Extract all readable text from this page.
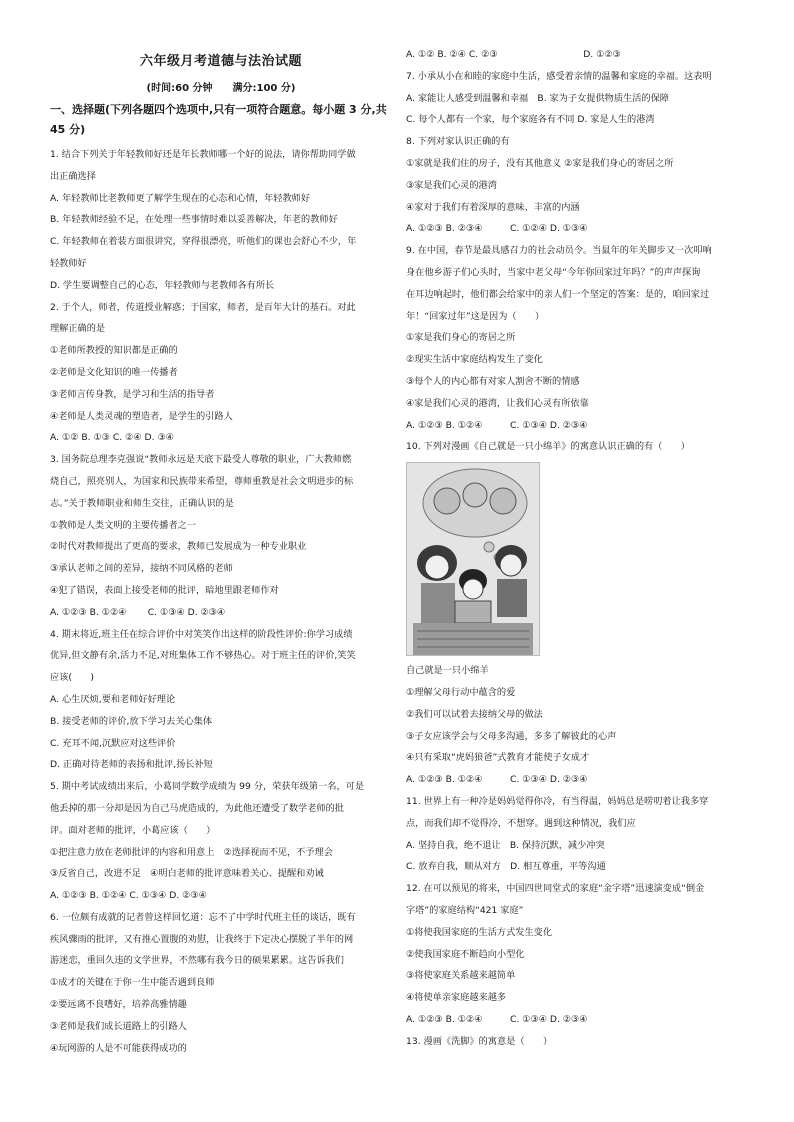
六年级月考道德与法治试题
(时间:60 分钟　　满分:100 分)
一、选择题(下列各题四个选项中,只有一项符合题意。每小题 3 分,共 45 分)
1. 结合下列关于年轻教师好还是年长教师哪一个好的说法，请你帮助同学做
出正确选择
A. 年轻教师比老教师更了解学生现在的心态和心情，年轻教师好
B. 年轻教师经验不足，在处理一些事情时难以妥善解决，年老的教师好
C. 年轻教师在着装方面很讲究，穿得很漂亮，听他们的课也会舒心不少，年
轻教师好
D. 学生要调整自己的心态，年轻教师与老教师各有所长
2. 于个人，师者，传道授业解惑；于国家，师者，是百年大计的基石。对此
理解正确的是
①老师所教授的知识都是正确的
②老师是文化知识的唯一传播者
③老师言传身教，是学习和生活的指导者
④老师是人类灵魂的塑造者，是学生的引路人
A. ①② B. ①③ C. ②④ D. ③④
3. 国务院总理李克强说“教师永远是天底下最受人尊敬的职业，广大教师燃
烧自己，照亮别人，为国家和民族带来希望，尊师重教是社会文明进步的标
志。”关于教师职业和师生交往，正确认识的是
①教师是人类文明的主要传播者之一
②时代对教师提出了更高的要求，教师已发展成为一种专业职业
③承认老师之间的差异，接纳不同风格的老师
④犯了错误，表面上接受老师的批评，暗地里跟老师作对
A. ①②③ B. ①②④　　 C. ①③④ D. ②③④
4. 期末将近,班主任在综合评价中对笑笑作出这样的阶段性评价:你学习成绩
优异,但文静有余,活力不足,对班集体工作不够热心。对于班主任的评价,笑笑
应该(　　)
A. 心生厌烦,要和老师好好理论
B. 接受老师的评价,放下学习去关心集体
C. 充耳不闻,沉默应对这些评价
D. 正确对待老师的表扬和批评,扬长补短
5. 期中考试成绩出来后，小葛同学数学成绩为 99 分，荣获年级第一名，可是
他丢掉的那一分却是因为自己马虎造成的，为此他还遭受了数学老师的批
评。面对老师的批评，小葛应该（　　）
①把注意力放在老师批评的内容和用意上　②选择视而不见，不予理会
③反省自己，改进不足　④明白老师的批评意味着关心、提醒和劝诫
A. ①②③ B. ①②④ C. ①③④ D. ②③④
6. 一位颇有成就的记者曾这样回忆道：忘不了中学时代班主任的谈话，既有
疾风骤雨的批评，又有推心置腹的劝慰，让我终于下定决心摆脱了半年的网
游迷恋，重回久违的文学世界，不然哪有我今日的硕果累累。这告诉我们
①成才的关键在于你一生中能否遇到良师
②要远离不良嗜好，培养高雅情趣
③老师是我们成长道路上的引路人
④玩网游的人是不可能获得成功的
A. ①② B. ②④ C. ②③　　　　　　　　　 D. ①②③
7. 小承从小在和睦的家庭中生活，感受着亲情的温馨和家庭的幸福。这表明
A. 家能让人感受到温馨和幸福　B. 家为子女提供物质生活的保障
C. 每个人都有一个家，每个家庭各有不同 D. 家是人生的港湾
8. 下列对家认识正确的有
①家就是我们住的房子，没有其他意义 ②家是我们身心的寄居之所
③家是我们心灵的港湾
④家对于我们有着深厚的意味、丰富的内涵
A. ①②③ B. ②③④　　　C. ①②④ D. ①③④
9. 在中国，春节是最具感召力的社会动员令。当鼠年的年关脚步又一次叩响
身在他乡游子们心头时，当家中老父母“今年你回家过年吗？”的声声探询
在耳边响起时，他们都会给家中的亲人们一个坚定的答案：是的，咱回家过
年！“回家过年”这是因为（　　）
①家是我们身心的寄居之所
②现实生活中家庭结构发生了变化
③每个人的内心都有对家人割舍不断的情感
④家是我们心灵的港湾，让我们心灵有所依靠
A. ①②③ B. ①②④　　　C. ①③④ D. ②③④
10. 下列对漫画《自己就是一只小绵羊》的寓意认识正确的有（　　）
自己就是一只小绵羊
①理解父母行动中蕴含的爱
②我们可以试着去接纳父母的做法
③子女应该学会与父母多沟通，多多了解彼此的心声
④只有采取“虎妈狼爸”式教育才能使子女成才
A. ①②③ B. ①②④　　　C. ①③④ D. ②③④
11. 世界上有一种冷是妈妈觉得你冷，有当得温，妈妈总是唠叨着让我多穿
点，而我们却不觉得冷，不想穿。遇到这种情况，我们应
A. 坚持自我，绝不退让　B. 保持沉默，减少冲突
C. 放弃自我，顺从对方　D. 相互尊重，平等沟通
12. 在可以预见的将来，中国四世同堂式的家庭“金字塔”迅速演变成“倒金
字塔”的家庭结构“421 家庭”
①将使我国家庭的生活方式发生变化
②使我国家庭不断趋向小型化
③将使家庭关系越来越简单
④将使单亲家庭越来越多
A. ①②③ B. ①②④　　　C. ①③④ D. ②③④
13. 漫画《洗脚》的寓意是（　　）
